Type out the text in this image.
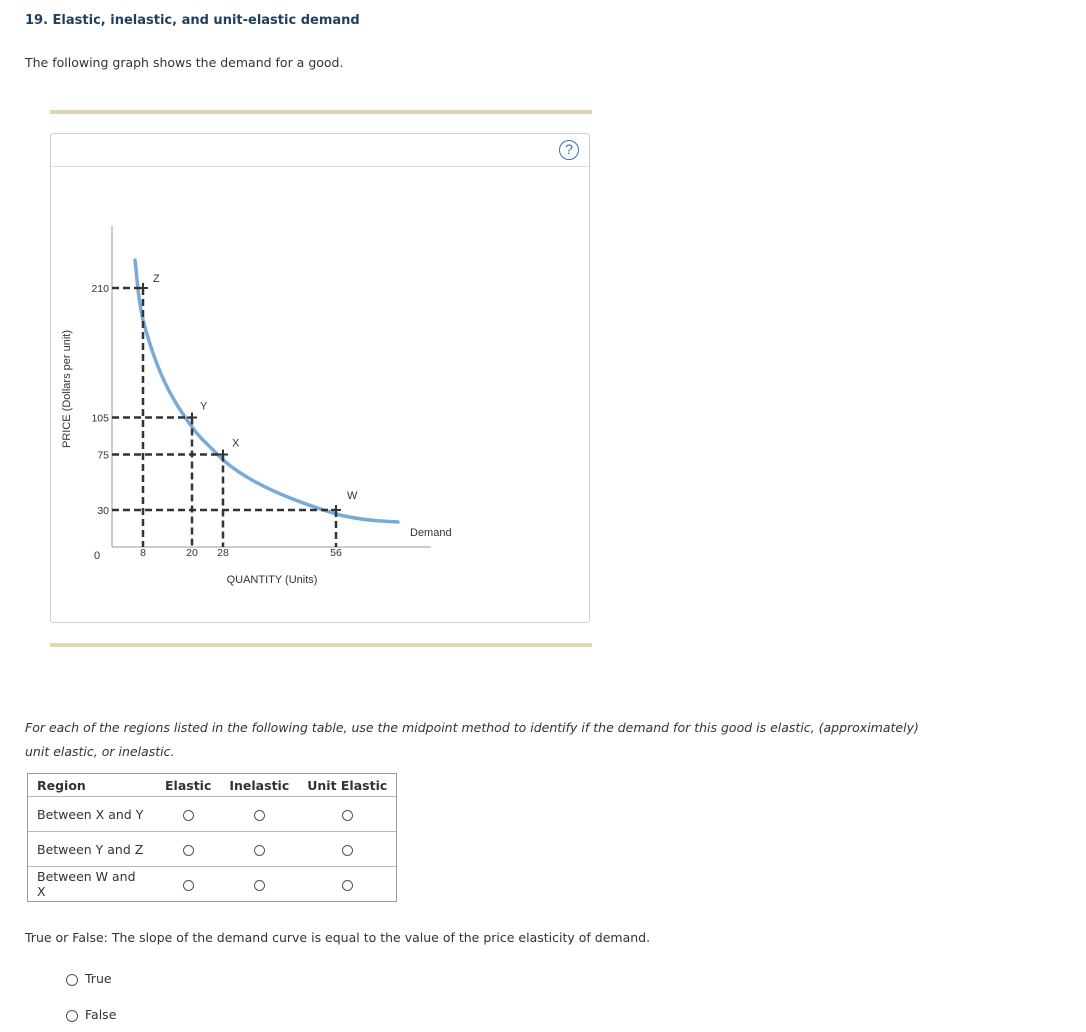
19. Elastic, inelastic, and unit-elastic demand
The following graph shows the demand for a good.
?
PRICE (Dollars per unit)
QUANTITY (Units)
0
Z
210
8
Y
105
20
X
75
28
W
30
56
Demand
For each of the regions listed in the following table, use the midpoint method to identify if the demand for this good is elastic, (approximately) unit elastic, or inelastic.
Region	Elastic	Inelastic	Unit Elastic
Between X and Y			
Between Y and Z			
Between W and X			
True or False: The slope of the demand curve is equal to the value of the price elasticity of demand.
True
False
